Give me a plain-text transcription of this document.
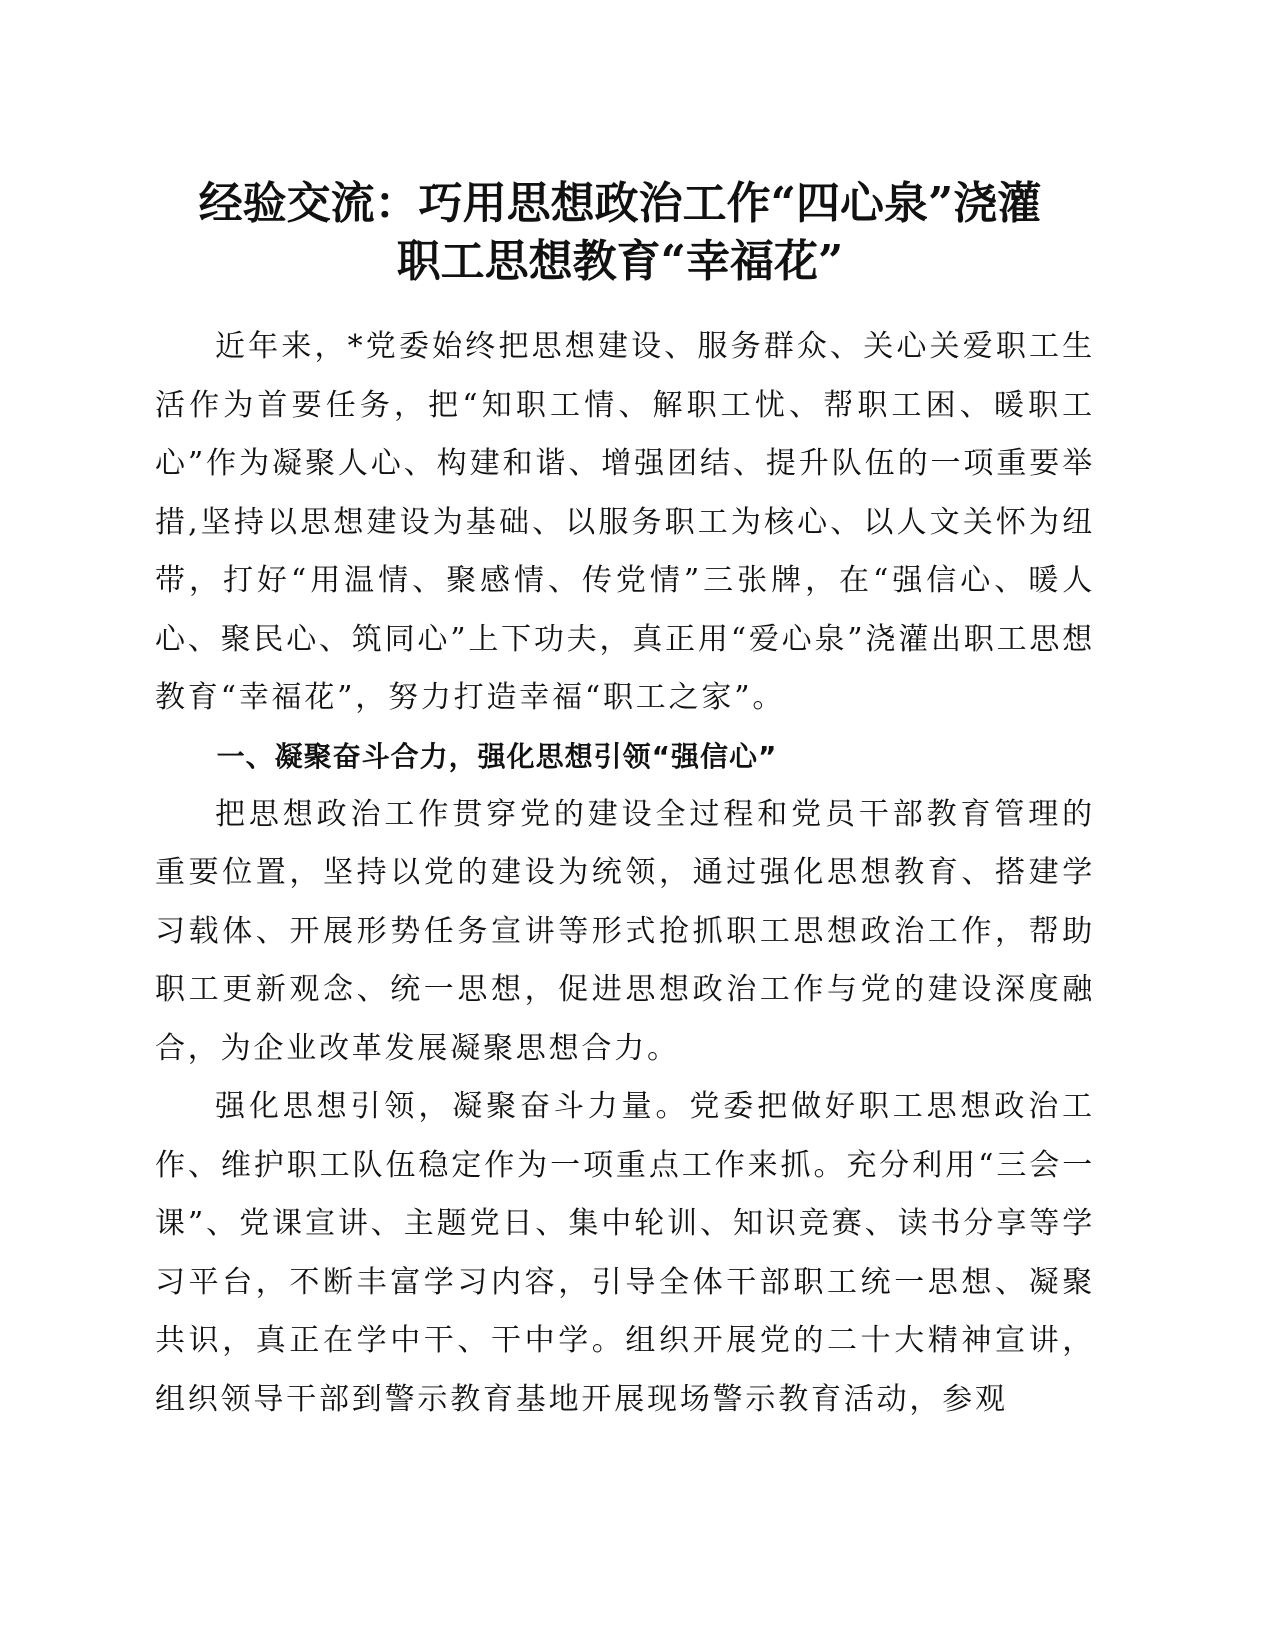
经验交流：巧用思想政治工作“四心泉”浇灌
职工思想教育“幸福花”

近年来，*党委始终把思想建设、服务群众、关心关爱职工生活作为首要任务，把“知职工情、解职工忧、帮职工困、暖职工心”作为凝聚人心、构建和谐、增强团结、提升队伍的一项重要举措,坚持以思想建设为基础、以服务职工为核心、以人文关怀为纽带，打好“用温情、聚感情、传党情”三张牌，在“强信心、暖人心、聚民心、筑同心”上下功夫，真正用“爱心泉”浇灌出职工思想教育“幸福花”，努力打造幸福“职工之家”。

一、凝聚奋斗合力，强化思想引领“强信心”

把思想政治工作贯穿党的建设全过程和党员干部教育管理的重要位置，坚持以党的建设为统领，通过强化思想教育、搭建学习载体、开展形势任务宣讲等形式抢抓职工思想政治工作，帮助职工更新观念、统一思想，促进思想政治工作与党的建设深度融合，为企业改革发展凝聚思想合力。

强化思想引领，凝聚奋斗力量。党委把做好职工思想政治工作、维护职工队伍稳定作为一项重点工作来抓。充分利用“三会一课”、党课宣讲、主题党日、集中轮训、知识竞赛、读书分享等学习平台，不断丰富学习内容，引导全体干部职工统一思想、凝聚共识，真正在学中干、干中学。组织开展党的二十大精神宣讲，组织领导干部到警示教育基地开展现场警示教育活动，参观
